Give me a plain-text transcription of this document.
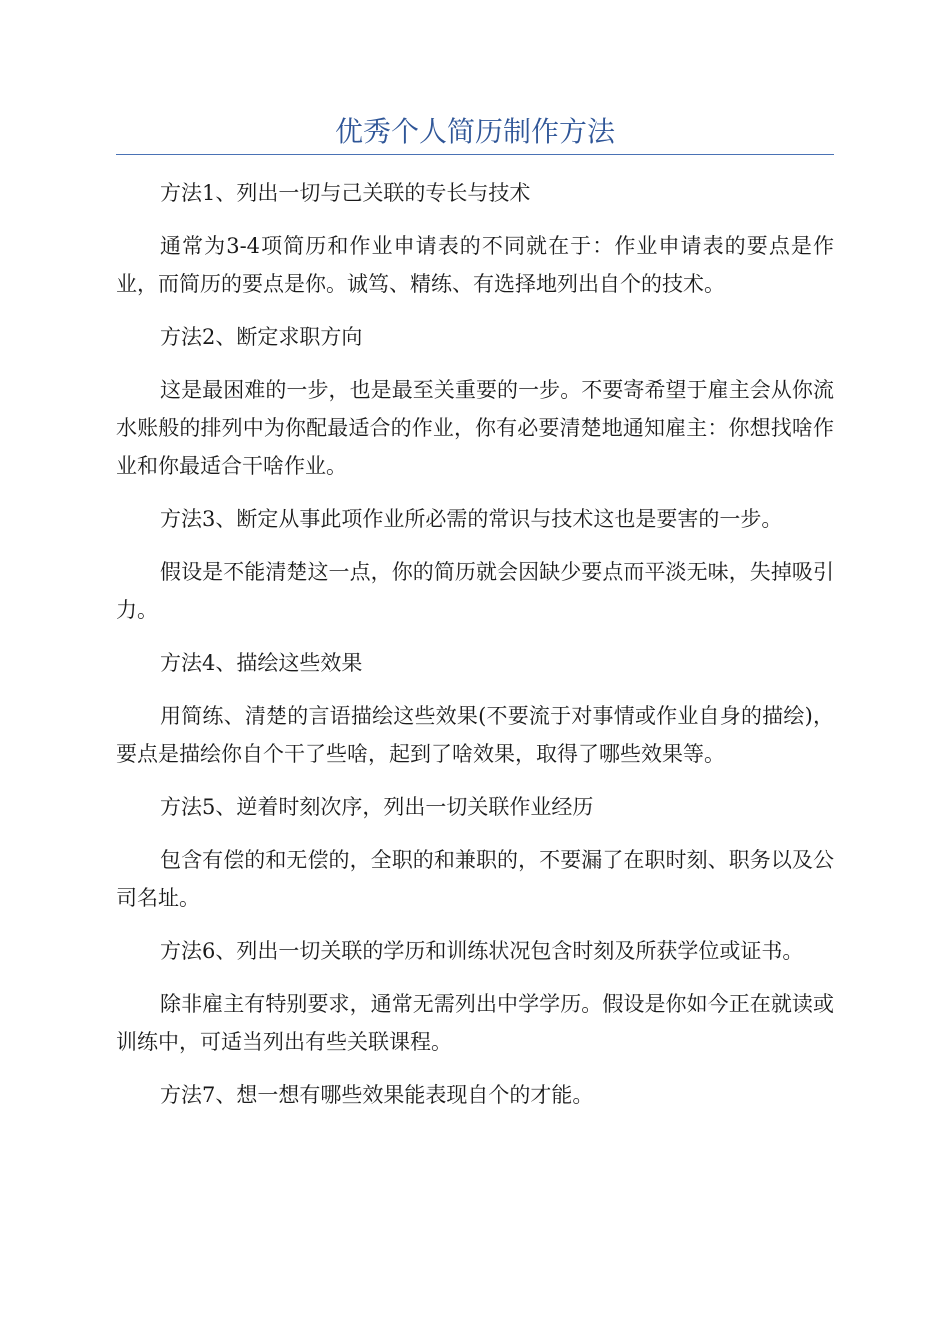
优秀个人简历制作方法

方法1、列出一切与己关联的专长与技术

通常为3-4项简历和作业申请表的不同就在于：作业申请表的要点是作业，而简历的要点是你。诚笃、精练、有选择地列出自个的技术。

方法2、断定求职方向

这是最困难的一步，也是最至关重要的一步。不要寄希望于雇主会从你流水账般的排列中为你配最适合的作业，你有必要清楚地通知雇主：你想找啥作业和你最适合干啥作业。

方法3、断定从事此项作业所必需的常识与技术这也是要害的一步。

假设是不能清楚这一点，你的简历就会因缺少要点而平淡无味，失掉吸引力。

方法4、描绘这些效果

用简练、清楚的言语描绘这些效果(不要流于对事情或作业自身的描绘)，要点是描绘你自个干了些啥，起到了啥效果，取得了哪些效果等。

方法5、逆着时刻次序，列出一切关联作业经历

包含有偿的和无偿的，全职的和兼职的，不要漏了在职时刻、职务以及公司名址。

方法6、列出一切关联的学历和训练状况包含时刻及所获学位或证书。

除非雇主有特别要求，通常无需列出中学学历。假设是你如今正在就读或训练中，可适当列出有些关联课程。

方法7、想一想有哪些效果能表现自个的才能。
